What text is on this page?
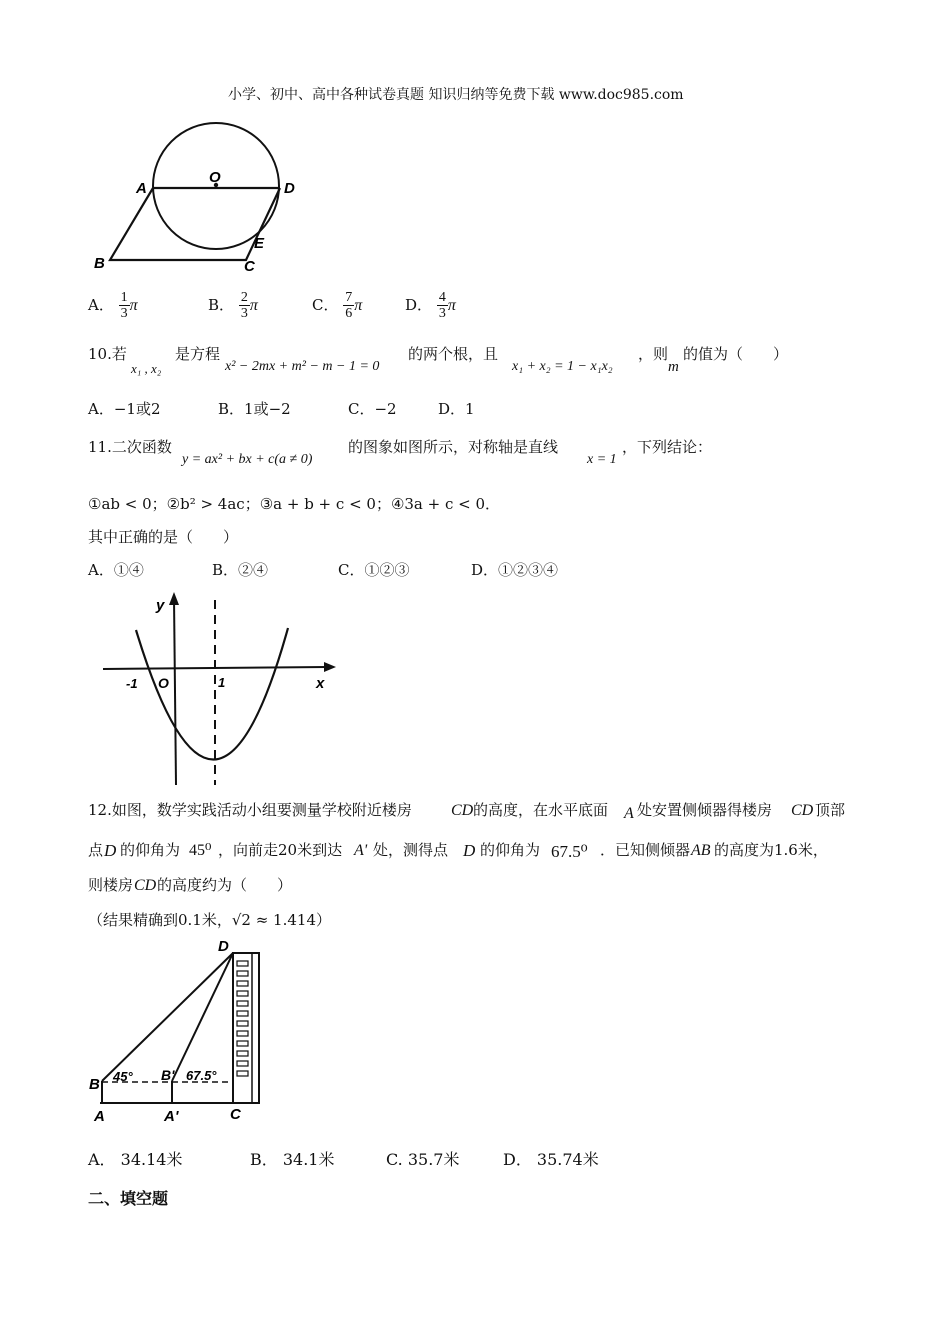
小学、初中、高中各种试卷真题 知识归纳等免费下载 www.doc985.com
A
O
D
B	C
E
A． $\frac{1}{3}$ π	B． $\frac{2}{3}$ π	C． $\frac{7}{6}$ π	D． $\frac{4}{3}$ π
10.若
x₁ , x₂
是方程
x² − 2mx + m² − m − 1 = 0
的两个根，且
x₁ + x₂ = 1 − x₁x₂
，则
m
的值为（　　）
A．−1或2	B．1或−2	C．−2	D．1
11.二次函数
y = ax² + bx + c(a ≠ 0)
的图象如图所示，对称轴是直线
x = 1
，下列结论：
①ab < 0；②b² > 4ac；③a + b + c < 0；④3a + c < 0．
其中正确的是（　　）
A．①④	B．②④	C．①②③	D．①②③④
y
x
-1 O	1
12.如图，数学实践活动小组要测量学校附近楼房 CD 的高度，在水平底面 A 处安置侧倾器得楼房 CD 顶部
点 D 的仰角为 45⁰ ，向前走20米到达 A' 处，测得点 D 的仰角为 67.5⁰ ．已知侧倾器 AB 的高度为1.6米，
则楼房 CD 的高度约为（　　）
（结果精确到0.1米，√2 ≈ 1.414）
D
B
B'
45°	67.5°
A	A'	C
A． 34.14米	B． 34.1米	C. 35.7米	D． 35.74米
二、填空题
